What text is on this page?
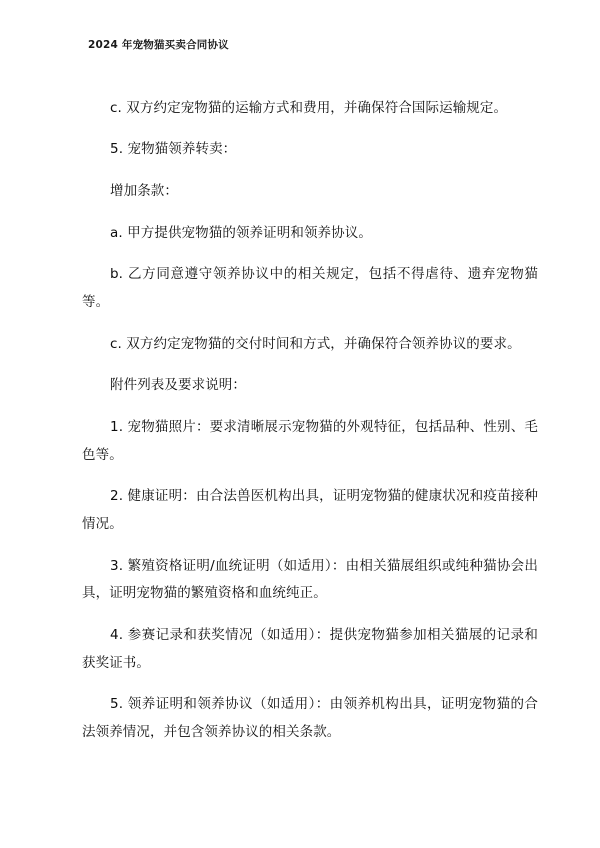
2024 年宠物猫买卖合同协议

c. 双方约定宠物猫的运输方式和费用，并确保符合国际运输规定。

5. 宠物猫领养转卖：

增加条款：

a. 甲方提供宠物猫的领养证明和领养协议。

b. 乙方同意遵守领养协议中的相关规定，包括不得虐待、遗弃宠物猫等。

c. 双方约定宠物猫的交付时间和方式，并确保符合领养协议的要求。

附件列表及要求说明：

1. 宠物猫照片：要求清晰展示宠物猫的外观特征，包括品种、性别、毛色等。

2. 健康证明：由合法兽医机构出具，证明宠物猫的健康状况和疫苗接种情况。

3. 繁殖资格证明/血统证明（如适用）：由相关猫展组织或纯种猫协会出具，证明宠物猫的繁殖资格和血统纯正。

4. 参赛记录和获奖情况（如适用）：提供宠物猫参加相关猫展的记录和获奖证书。

5. 领养证明和领养协议（如适用）：由领养机构出具，证明宠物猫的合法领养情况，并包含领养协议的相关条款。
